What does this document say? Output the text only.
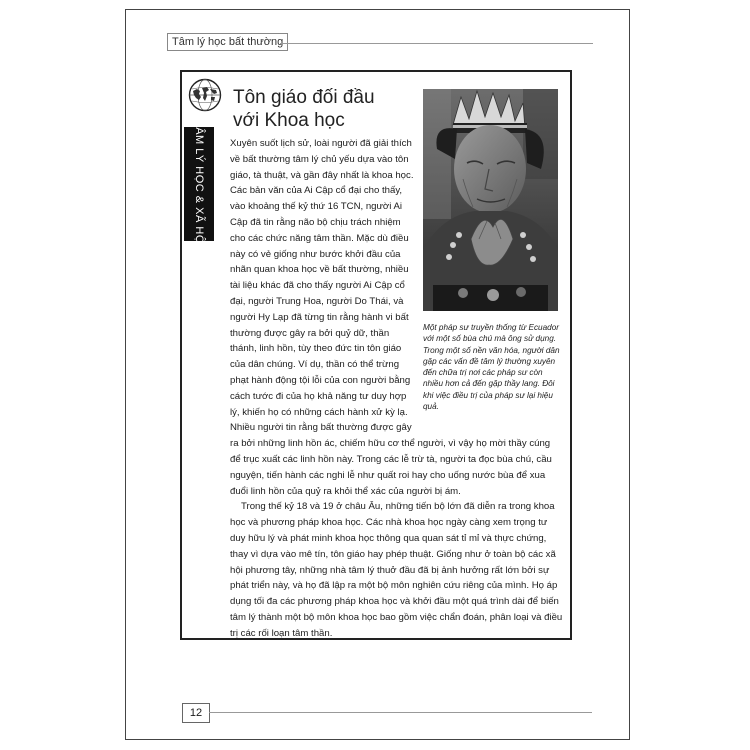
Tâm lý học bất thường
Tôn giáo đối đầu
với Khoa học
TÂM LÝ HỌC & XÃ HỘI

Một pháp sư truyền thống từ Ecuador với một số bùa chú mà ông sử dụng. Trong một số nền văn hóa, người dân gặp các vấn đề tâm lý thường xuyên đến chữa trị nơi các pháp sư còn nhiều hơn cả đến gặp thầy lang. Đôi khi việc điều trị của pháp sư lại hiệu quả.

Xuyên suốt lịch sử, loài người đã giải thích về bất thường tâm lý chủ yếu dựa vào tôn giáo, tà thuật, và gần đây nhất là khoa học. Các bản văn của Ai Cập cổ đại cho thấy, vào khoảng thế kỷ thứ 16 TCN, người Ai Cập đã tin rằng não bộ chịu trách nhiệm cho các chức năng tâm thần. Mặc dù điều này có vẻ giống như bước khởi đầu của nhãn quan khoa học về bất thường, nhiều tài liệu khác đã cho thấy người Ai Cập cổ đại, người Trung Hoa, người Do Thái, và người Hy Lạp đã từng tin rằng hành vi bất thường được gây ra bởi quỷ dữ, thần thánh, linh hồn, tùy theo đức tin tôn giáo của dân chúng. Ví dụ, thần có thể trừng phạt hành động tội lỗi của con người bằng cách tước đi của họ khả năng tư duy hợp lý, khiến họ có những cách hành xử kỳ lạ. Nhiều người tin rằng bất thường được gây ra bởi những linh hồn ác, chiếm hữu cơ thể người, vì vậy họ mời thầy cúng để trục xuất các linh hồn này. Trong các lễ trừ tà, người ta đọc bùa chú, cầu nguyện, tiến hành các nghi lễ như quất roi hay cho uống nước bùa để xua đuổi linh hồn của quỷ ra khỏi thể xác của người bị ám.

Trong thế kỷ 18 và 19 ở châu Âu, những tiến bộ lớn đã diễn ra trong khoa học và phương pháp khoa học. Các nhà khoa học ngày càng xem trọng tư duy hữu lý và phát minh khoa học thông qua quan sát tỉ mỉ và thực chứng, thay vì dựa vào mê tín, tôn giáo hay phép thuật. Giống như ở toàn bộ các xã hội phương tây, những nhà tâm lý thuở đầu đã bị ảnh hưởng rất lớn bởi sự phát triển này, và họ đã lập ra một bộ môn nghiên cứu riêng của mình. Họ áp dụng tối đa các phương pháp khoa học và khởi đầu một quá trình dài để biến tâm lý thành một bộ môn khoa học bao gồm việc chẩn đoán, phân loại và điều trị các rối loạn tâm thần.

12
